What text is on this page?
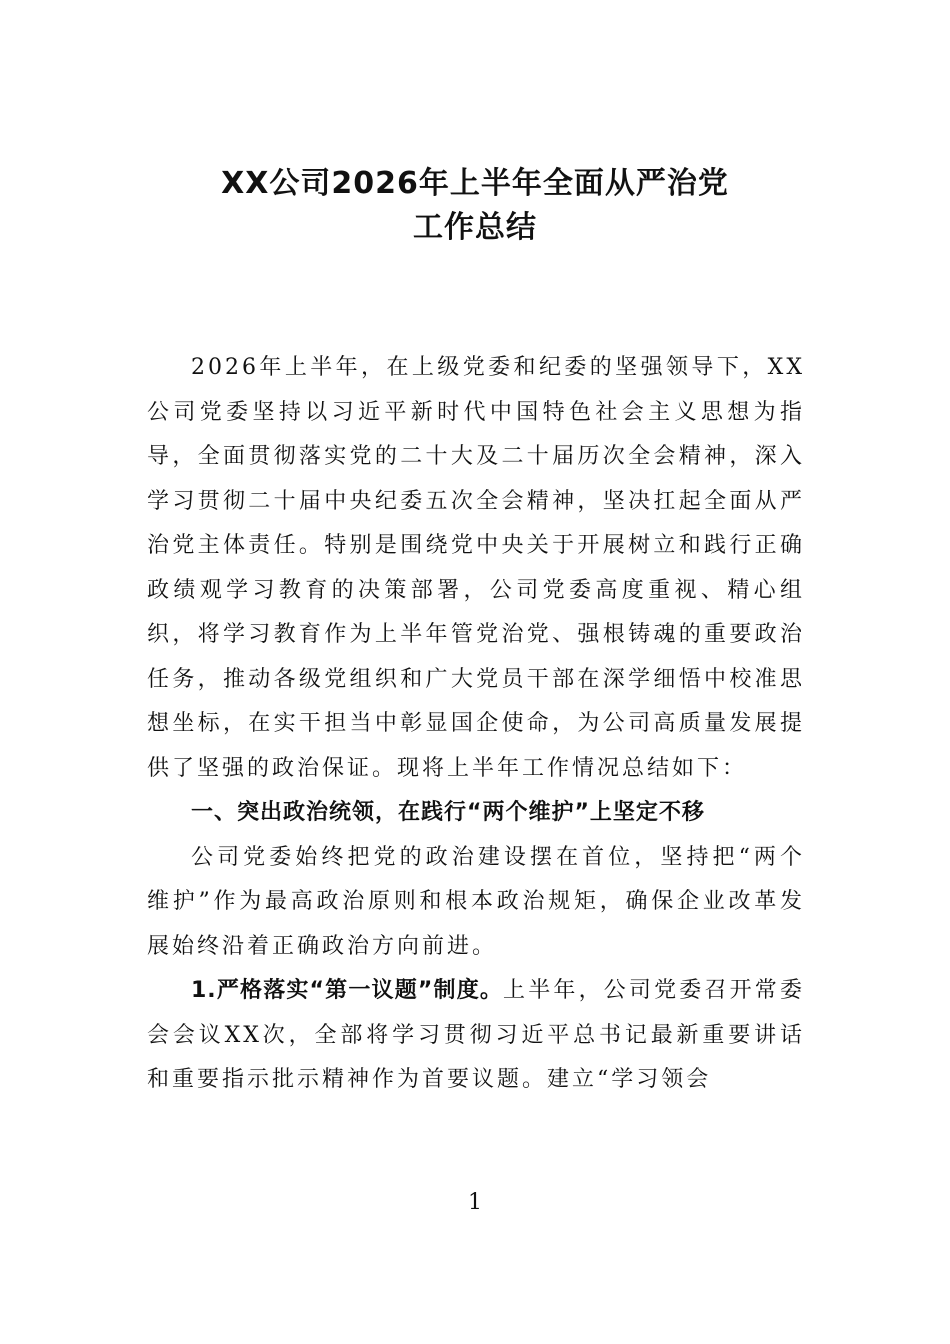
XX公司2026年上半年全面从严治党
工作总结

2026年上半年，在上级党委和纪委的坚强领导下，XX公司党委坚持以习近平新时代中国特色社会主义思想为指导，全面贯彻落实党的二十大及二十届历次全会精神，深入学习贯彻二十届中央纪委五次全会精神，坚决扛起全面从严治党主体责任。特别是围绕党中央关于开展树立和践行正确政绩观学习教育的决策部署，公司党委高度重视、精心组织，将学习教育作为上半年管党治党、强根铸魂的重要政治任务，推动各级党组织和广大党员干部在深学细悟中校准思想坐标，在实干担当中彰显国企使命，为公司高质量发展提供了坚强的政治保证。现将上半年工作情况总结如下：

一、突出政治统领，在践行“两个维护”上坚定不移

公司党委始终把党的政治建设摆在首位，坚持把“两个维护”作为最高政治原则和根本政治规矩，确保企业改革发展始终沿着正确政治方向前进。

1.严格落实“第一议题”制度。上半年，公司党委召开常委会会议XX次，全部将学习贯彻习近平总书记最新重要讲话和重要指示批示精神作为首要议题。建立“学习领会

1
